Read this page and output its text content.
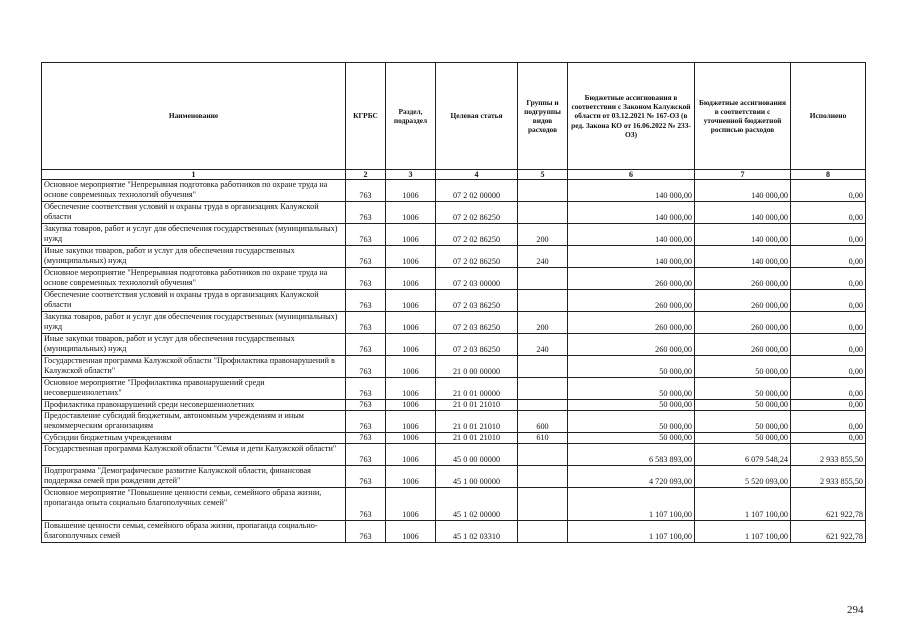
Наименование	КГРБС	Раздел, подраздел	Целевая статья	Группы и подгруппы видов расходов	Бюджетные ассигнования в соответствии с Законом Калужской области от 03.12.2021 № 167-ОЗ (в ред. Закона КО от 16.06.2022 № 233-ОЗ)	Бюджетные ассигнования в соответствии с уточненной бюджетной росписью расходов	Исполнено
1	2	3	4	5	6	7	8
Основное мероприятие "Непрерывная подготовка работников по охране труда на основе современных технологий обучения"	763	1006	07 2 02 00000		140 000,00	140 000,00	0,00
Обеспечение соответствия условий и охраны труда в организациях Калужской области	763	1006	07 2 02 86250		140 000,00	140 000,00	0,00
Закупка товаров, работ и услуг для обеспечения государственных (муниципальных) нужд	763	1006	07 2 02 86250	200	140 000,00	140 000,00	0,00
Иные закупки товаров, работ и услуг для обеспечения государственных (муниципальных) нужд	763	1006	07 2 02 86250	240	140 000,00	140 000,00	0,00
Основное мероприятие "Непрерывная подготовка работников по охране труда на основе современных технологий обучения"	763	1006	07 2 03 00000		260 000,00	260 000,00	0,00
Обеспечение соответствия условий и охраны труда в организациях Калужской области	763	1006	07 2 03 86250		260 000,00	260 000,00	0,00
Закупка товаров, работ и услуг для обеспечения государственных (муниципальных) нужд	763	1006	07 2 03 86250	200	260 000,00	260 000,00	0,00
Иные закупки товаров, работ и услуг для обеспечения государственных (муниципальных) нужд	763	1006	07 2 03 86250	240	260 000,00	260 000,00	0,00
Государственная программа Калужской области "Профилактика правонарушений в Калужской области"	763	1006	21 0 00 00000		50 000,00	50 000,00	0,00
Основное мероприятие "Профилактика правонарушений среди несовершеннолетних"	763	1006	21 0 01 00000		50 000,00	50 000,00	0,00
Профилактика правонарушений среди несовершеннолетних	763	1006	21 0 01 21010		50 000,00	50 000,00	0,00
Предоставление субсидий бюджетным, автономным учреждениям и иным некоммерческим организациям	763	1006	21 0 01 21010	600	50 000,00	50 000,00	0,00
Субсидии бюджетным учреждениям	763	1006	21 0 01 21010	610	50 000,00	50 000,00	0,00
Государственная программа Калужской области "Семья и дети Калужской области"	763	1006	45 0 00 00000		6 583 893,00	6 079 548,24	2 933 855,50
Подпрограмма "Демографическое развитие Калужской области, финансовая поддержка семей при рождении детей"	763	1006	45 1 00 00000		4 720 093,00	5 520 093,00	2 933 855,50
Основное мероприятие "Повышение ценности семьи, семейного образа жизни, пропаганда опыта социально благополучных семей"	763	1006	45 1 02 00000		1 107 100,00	1 107 100,00	621 922,78
Повышение ценности семьи, семейного образа жизни, пропаганда социально-благополучных семей	763	1006	45 1 02 03310		1 107 100,00	1 107 100,00	621 922,78
294
